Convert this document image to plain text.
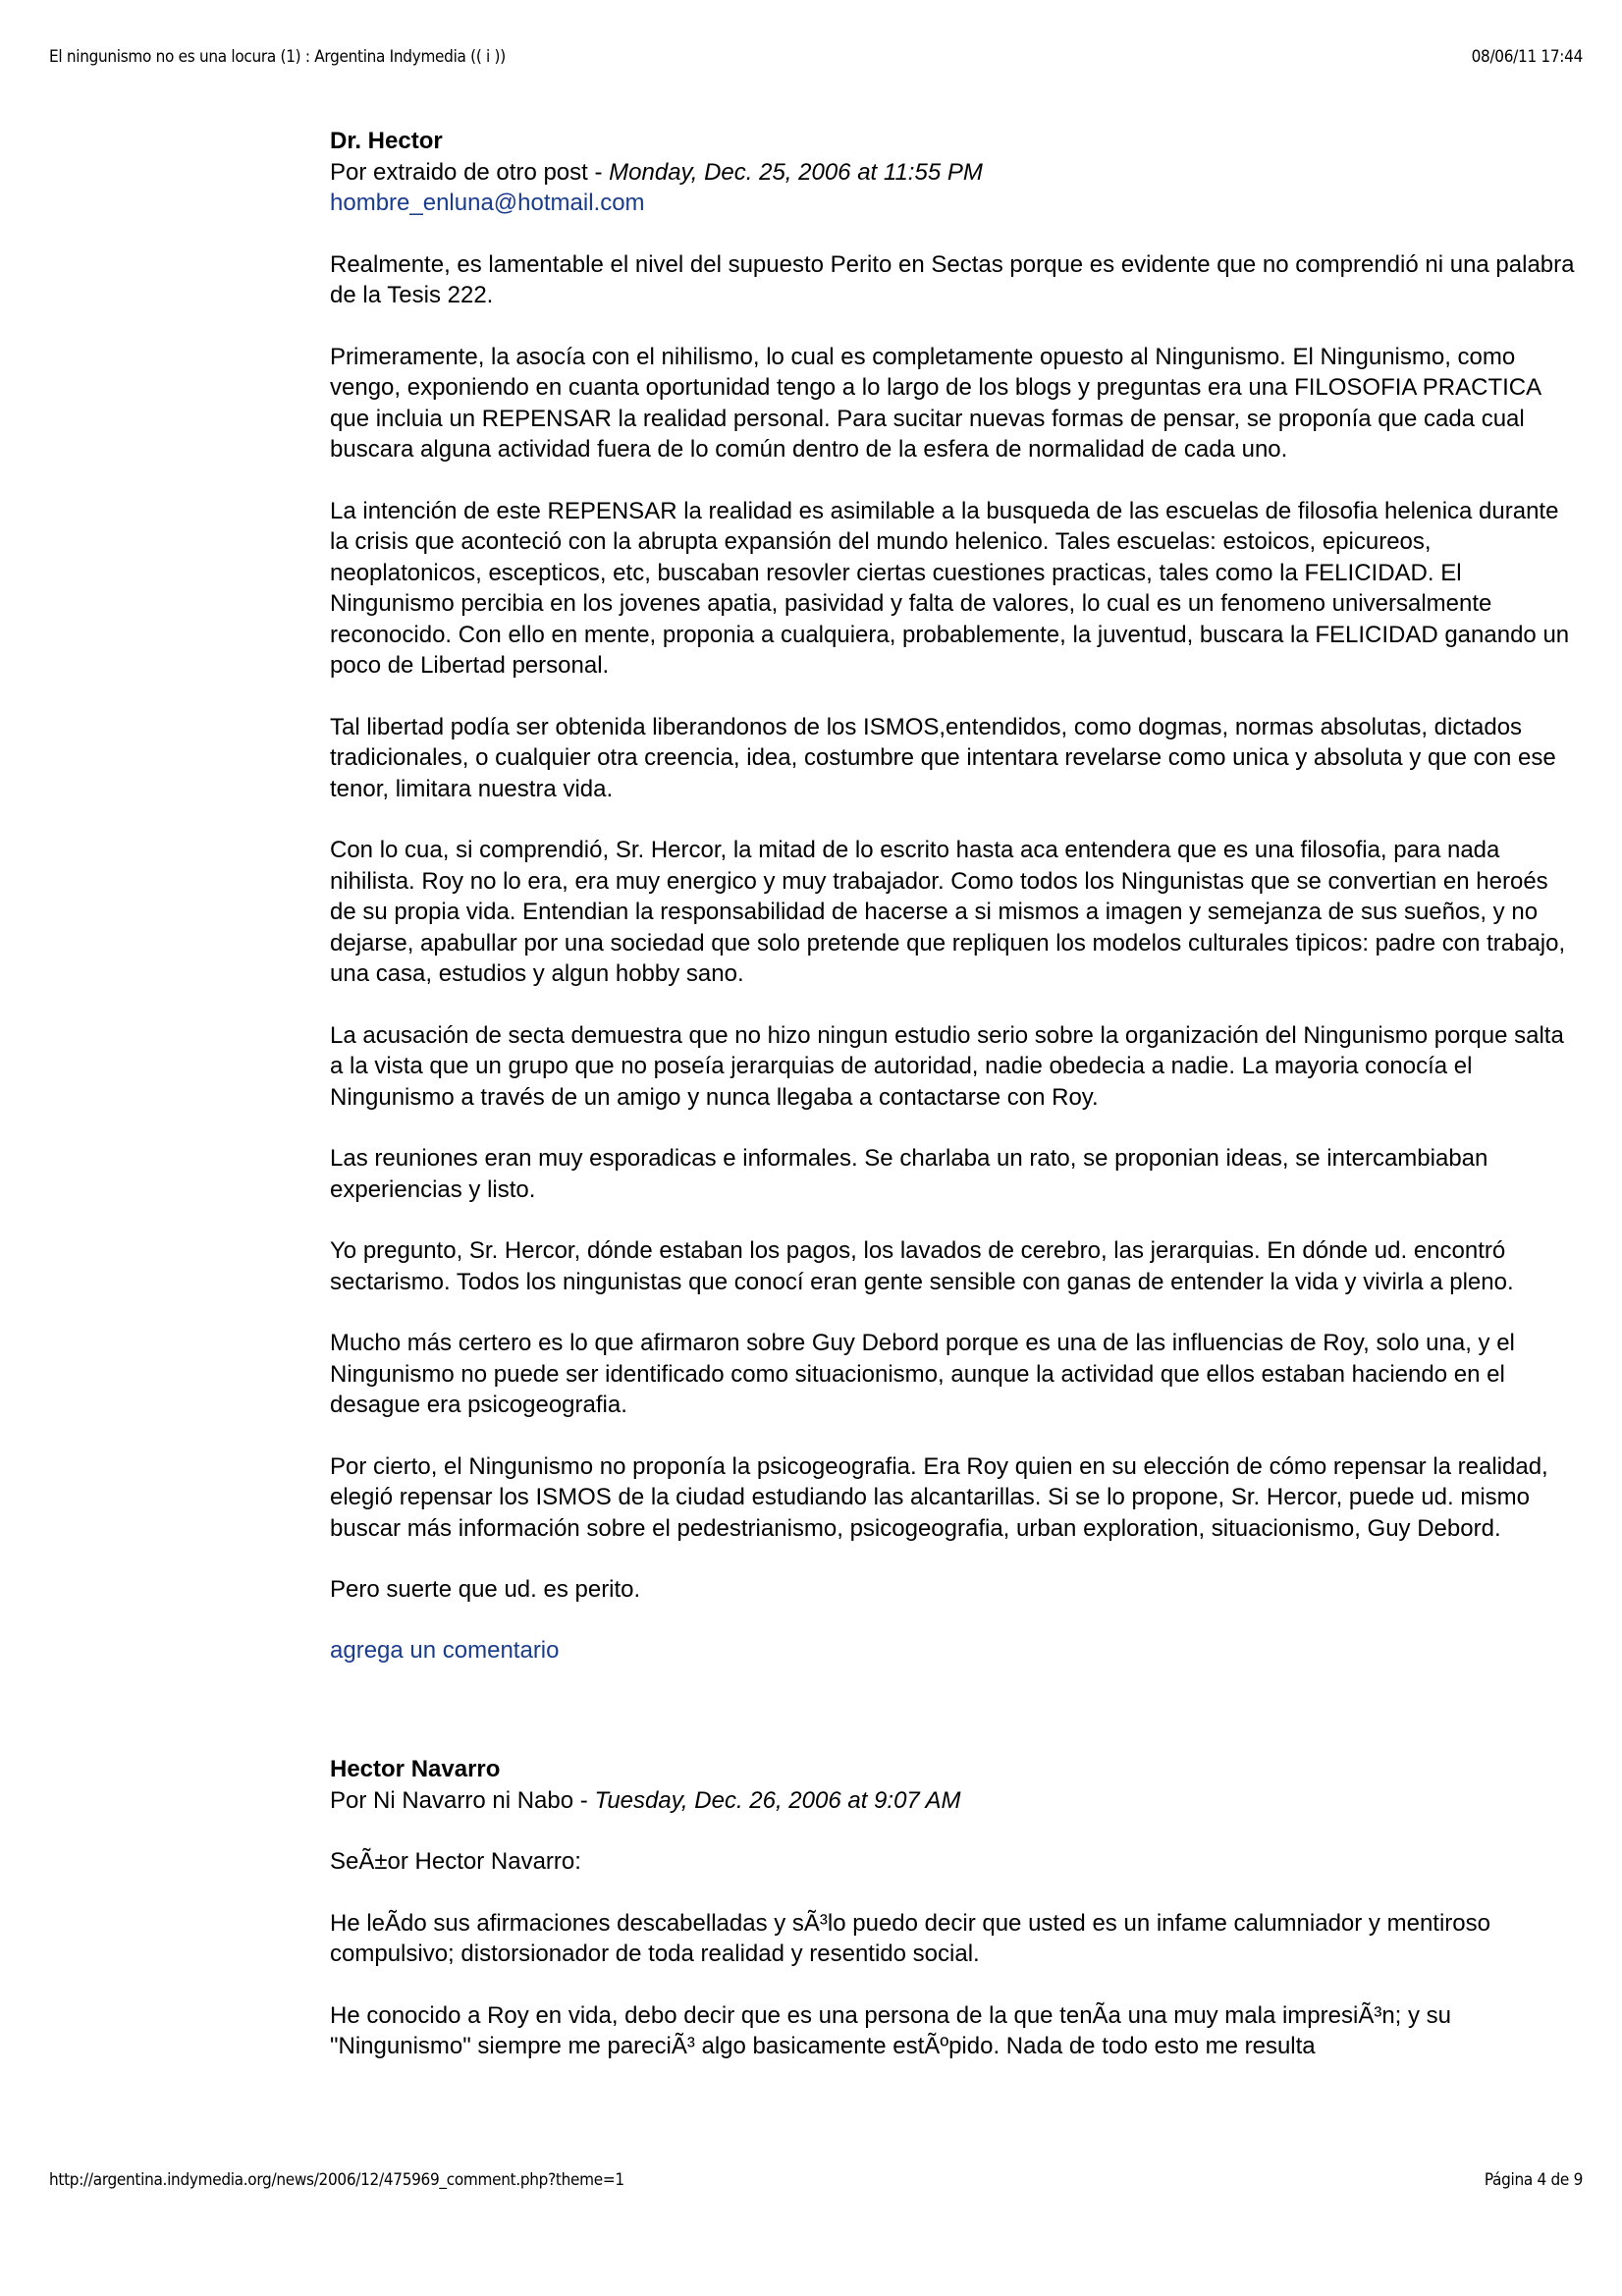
El ningunismo no es una locura (1) : Argentina Indymedia (( i ))	08/06/11 17:44
Dr. Hector
Por extraido de otro post - Monday, Dec. 25, 2006 at 11:55 PM
hombre_enluna@hotmail.com

Realmente, es lamentable el nivel del supuesto Perito en Sectas porque es evidente que no comprendió ni una palabra de la Tesis 222.

Primeramente, la asocía con el nihilismo, lo cual es completamente opuesto al Ningunismo. El Ningunismo, como vengo, exponiendo en cuanta oportunidad tengo a lo largo de los blogs y preguntas era una FILOSOFIA PRACTICA que incluia un REPENSAR la realidad personal. Para sucitar nuevas formas de pensar, se proponía que cada cual buscara alguna actividad fuera de lo común dentro de la esfera de normalidad de cada uno.

La intención de este REPENSAR la realidad es asimilable a la busqueda de las escuelas de filosofia helenica durante la crisis que aconteció con la abrupta expansión del mundo helenico. Tales escuelas: estoicos, epicureos, neoplatonicos, escepticos, etc, buscaban resovler ciertas cuestiones practicas, tales como la FELICIDAD. El Ningunismo percibia en los jovenes apatia, pasividad y falta de valores, lo cual es un fenomeno universalmente reconocido. Con ello en mente, proponia a cualquiera, probablemente, la juventud, buscara la FELICIDAD ganando un poco de Libertad personal.

Tal libertad podía ser obtenida liberandonos de los ISMOS,entendidos, como dogmas, normas absolutas, dictados tradicionales, o cualquier otra creencia, idea, costumbre que intentara revelarse como unica y absoluta y que con ese tenor, limitara nuestra vida.

Con lo cua, si comprendió, Sr. Hercor, la mitad de lo escrito hasta aca entendera que es una filosofia, para nada nihilista. Roy no lo era, era muy energico y muy trabajador. Como todos los Ningunistas que se convertian en heroés de su propia vida. Entendian la responsabilidad de hacerse a si mismos a imagen y semejanza de sus sueños, y no dejarse, apabullar por una sociedad que solo pretende que repliquen los modelos culturales tipicos: padre con trabajo, una casa, estudios y algun hobby sano.

La acusación de secta demuestra que no hizo ningun estudio serio sobre la organización del Ningunismo porque salta a la vista que un grupo que no poseía jerarquias de autoridad, nadie obedecia a nadie. La mayoria conocía el Ningunismo a través de un amigo y nunca llegaba a contactarse con Roy.

Las reuniones eran muy esporadicas e informales. Se charlaba un rato, se proponian ideas, se intercambiaban experiencias y listo.

Yo pregunto, Sr. Hercor, dónde estaban los pagos, los lavados de cerebro, las jerarquias. En dónde ud. encontró sectarismo. Todos los ningunistas que conocí eran gente sensible con ganas de entender la vida y vivirla a pleno.

Mucho más certero es lo que afirmaron sobre Guy Debord porque es una de las influencias de Roy, solo una, y el Ningunismo no puede ser identificado como situacionismo, aunque la actividad que ellos estaban haciendo en el desague era psicogeografia.

Por cierto, el Ningunismo no proponía la psicogeografia. Era Roy quien en su elección de cómo repensar la realidad, elegió repensar los ISMOS de la ciudad estudiando las alcantarillas. Si se lo propone, Sr. Hercor, puede ud. mismo buscar más información sobre el pedestrianismo, psicogeografia, urban exploration, situacionismo, Guy Debord.

Pero suerte que ud. es perito.

agrega un comentario
Hector Navarro
Por Ni Navarro ni Nabo - Tuesday, Dec. 26, 2006 at 9:07 AM

SeÃ±or Hector Navarro:

He leÃdo sus afirmaciones descabelladas y sÃ³lo puedo decir que usted es un infame calumniador y mentiroso compulsivo; distorsionador de toda realidad y resentido social.

He conocido a Roy en vida, debo decir que es una persona de la que tenÃa una muy mala impresiÃ³n; y su "Ningunismo" siempre me pareciÃ³ algo basicamente estÃºpido. Nada de todo esto me resulta

http://argentina.indymedia.org/news/2006/12/475969_comment.php?theme=1	Página 4 de 9
